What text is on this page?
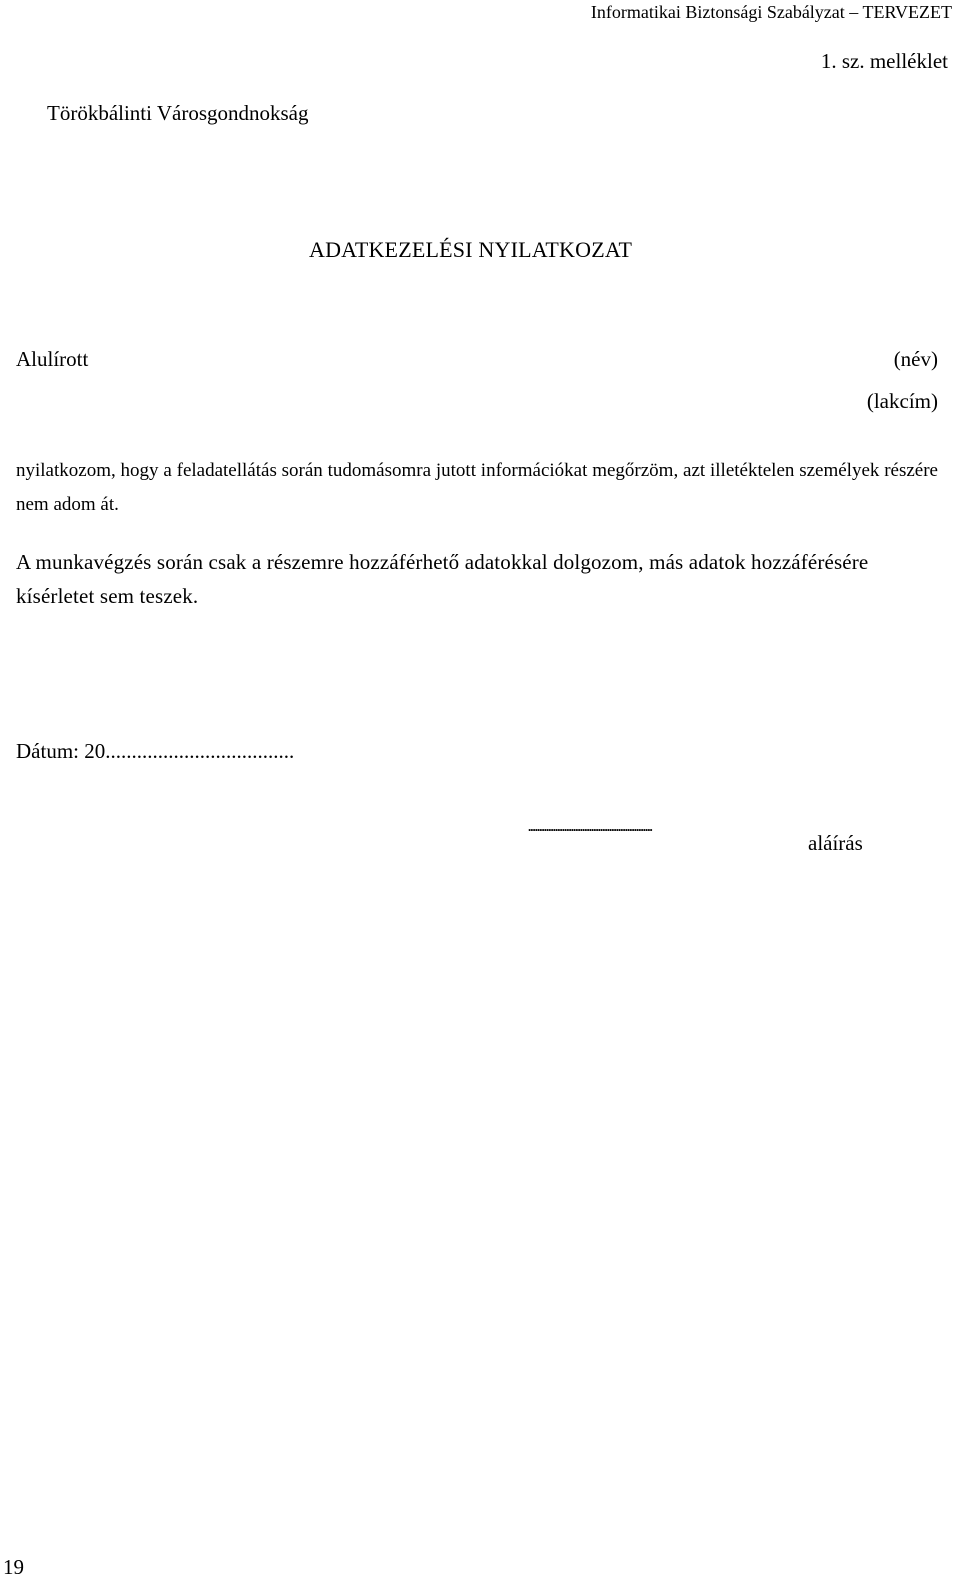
Informatikai Biztonsági Szabályzat – TERVEZET
1. sz. melléklet
Törökbálinti Városgondnokság
ADATKEZELÉSI NYILATKOZAT
Alulírott	(név)
(lakcím)
nyilatkozom, hogy a feladatellátás során tudomásomra jutott információkat megőrzöm, azt illetéktelen személyek részére nem adom át.
A munkavégzés során csak a részemre hozzáférhető adatokkal dolgozom, más adatok hozzáférésére kísérletet sem teszek.
Dátum: 20....................................
.......................................................
aláírás
19
